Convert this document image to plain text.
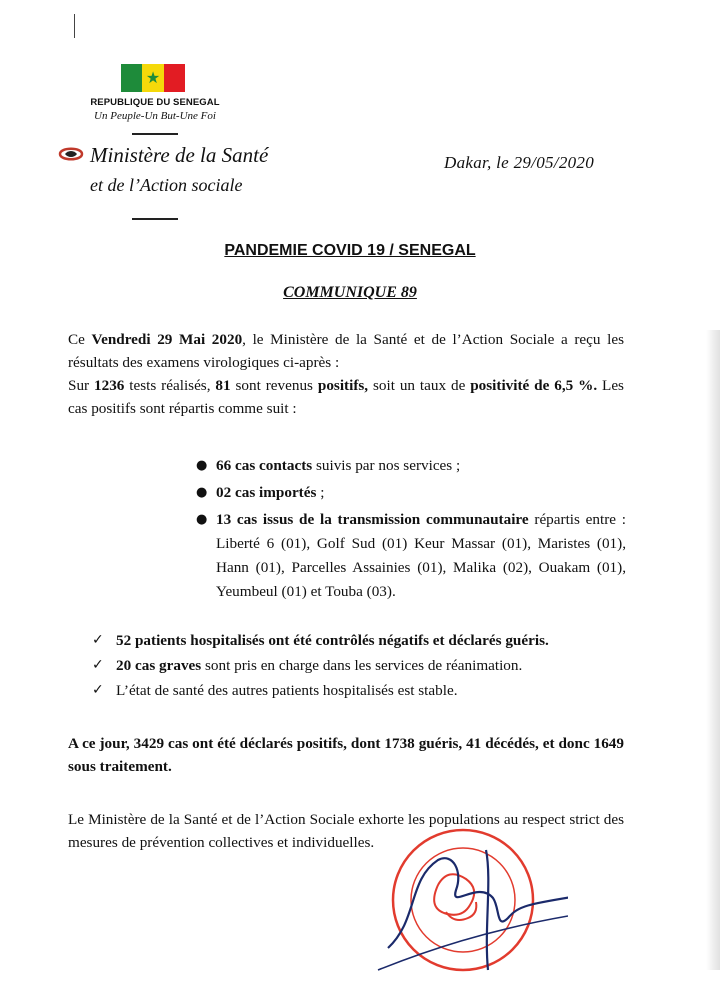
★
REPUBLIQUE DU SENEGAL
Un Peuple-Un But-Une Foi
Ministère de la Santé
et de l’Action sociale
Dakar, le 29/05/2020
PANDEMIE COVID 19 / SENEGAL
COMMUNIQUE 89
Ce Vendredi 29 Mai 2020, le Ministère de la Santé et de l’Action Sociale a reçu les résultats des examens virologiques ci-après :
Sur 1236 tests réalisés, 81 sont revenus positifs, soit un taux de positivité de 6,5 %. Les cas positifs sont répartis comme suit :
● 66 cas contacts suivis par nos services ;
● 02 cas importés ;
● 13 cas issus de la transmission communautaire répartis entre : Liberté 6 (01), Golf Sud (01) Keur Massar (01), Maristes (01), Hann (01), Parcelles Assainies (01), Malika (02), Ouakam (01), Yeumbeul (01) et Touba (03).
✓ 52 patients hospitalisés ont été contrôlés négatifs et déclarés guéris.
✓ 20 cas graves sont pris en charge dans les services de réanimation.
✓ L’état de santé des autres patients hospitalisés est stable.
A ce jour, 3429 cas ont été déclarés positifs, dont 1738 guéris, 41 décédés, et donc 1649 sous traitement.
Le Ministère de la Santé et de l’Action Sociale exhorte les populations au respect strict des mesures de prévention collectives et individuelles.
